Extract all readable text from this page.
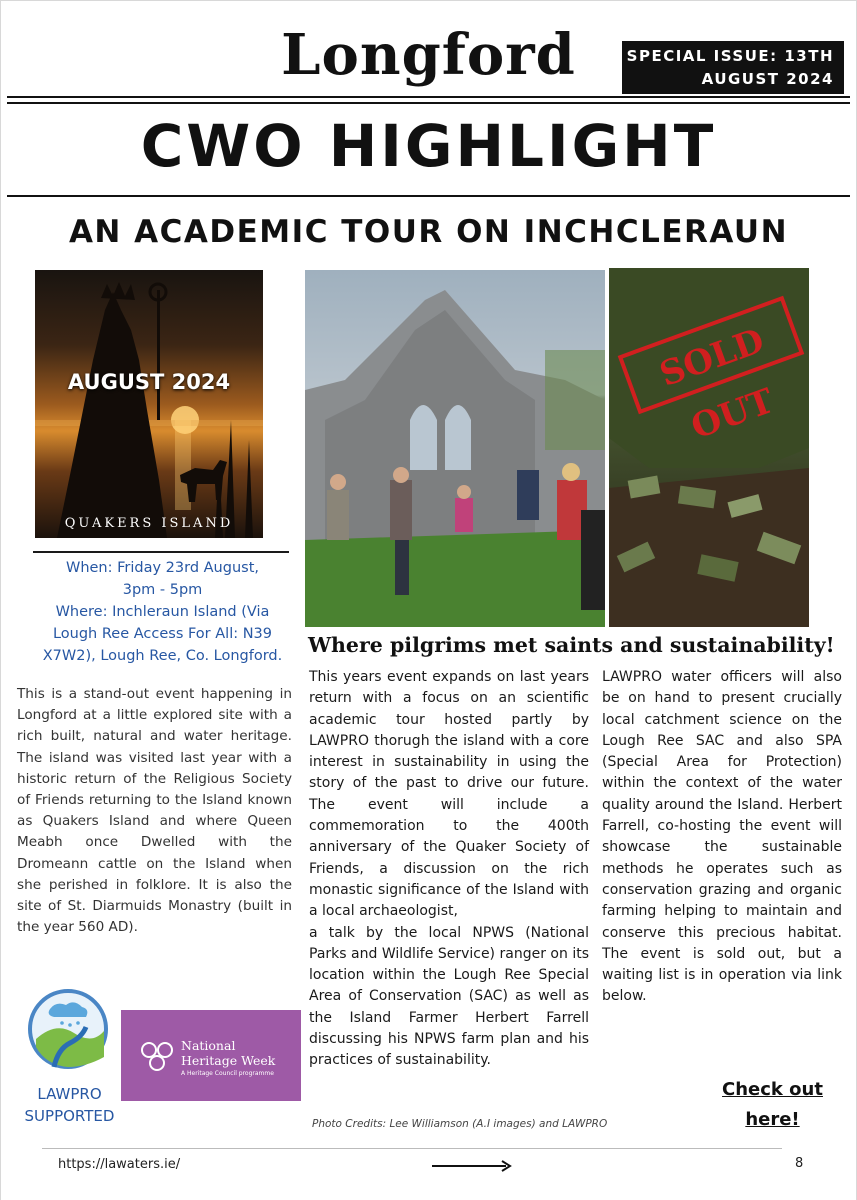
Longford	SPECIAL ISSUE: 13TH AUGUST 2024
CWO HIGHLIGHT
AN ACADEMIC TOUR ON INCHCLERAUN
AUGUST 2024
QUAKERS ISLAND
When: Friday 23rd August,
3pm - 5pm
Where: Inchleraun Island (Via
Lough Ree Access For All: N39
X7W2), Lough Ree, Co. Longford.
This is a stand-out event happening in Longford at a little explored site with a rich built, natural and water heritage. The island was visited last year with a historic return of the Religious Society of Friends returning to the Island known as Quakers Island and where Queen Meabh once Dwelled with the Dromeann cattle on the Island when she perished in folklore. It is also the site of St. Diarmuids Monastry (built in the year 560 AD).
LAWPRO
SUPPORTED
National
Heritage Week
A Heritage Council programme
SOLD OUT
Where pilgrims met saints and sustainability!
This years event expands on last years return with a focus on an scientific academic tour hosted partly by LAWPRO thorugh the island with a core interest in sustainability in using the story of the past to drive our future. The event will include a commemoration to the 400th anniversary of the Quaker Society of Friends, a discussion on the rich monastic significance of the Island with a local archaeologist,
a talk by the local NPWS (National Parks and Wildlife Service) ranger on its location within the Lough Ree Special Area of Conservation (SAC) as well as the Island Farmer Herbert Farrell discussing his NPWS farm plan and his practices of sustainability.
LAWPRO water officers will also be on hand to present crucially local catchment science on the Lough Ree SAC and also SPA (Special Area for Protection) within the context of the water quality around the Island. Herbert Farrell, co-hosting the event will showcase the sustainable methods he operates such as conservation grazing and organic farming helping to maintain and conserve this precious habitat. The event is sold out, but a waiting list is in operation via link below.
Photo Credits: Lee Williamson (A.I images) and LAWPRO
Check out
here!
https://lawaters.ie/	8
